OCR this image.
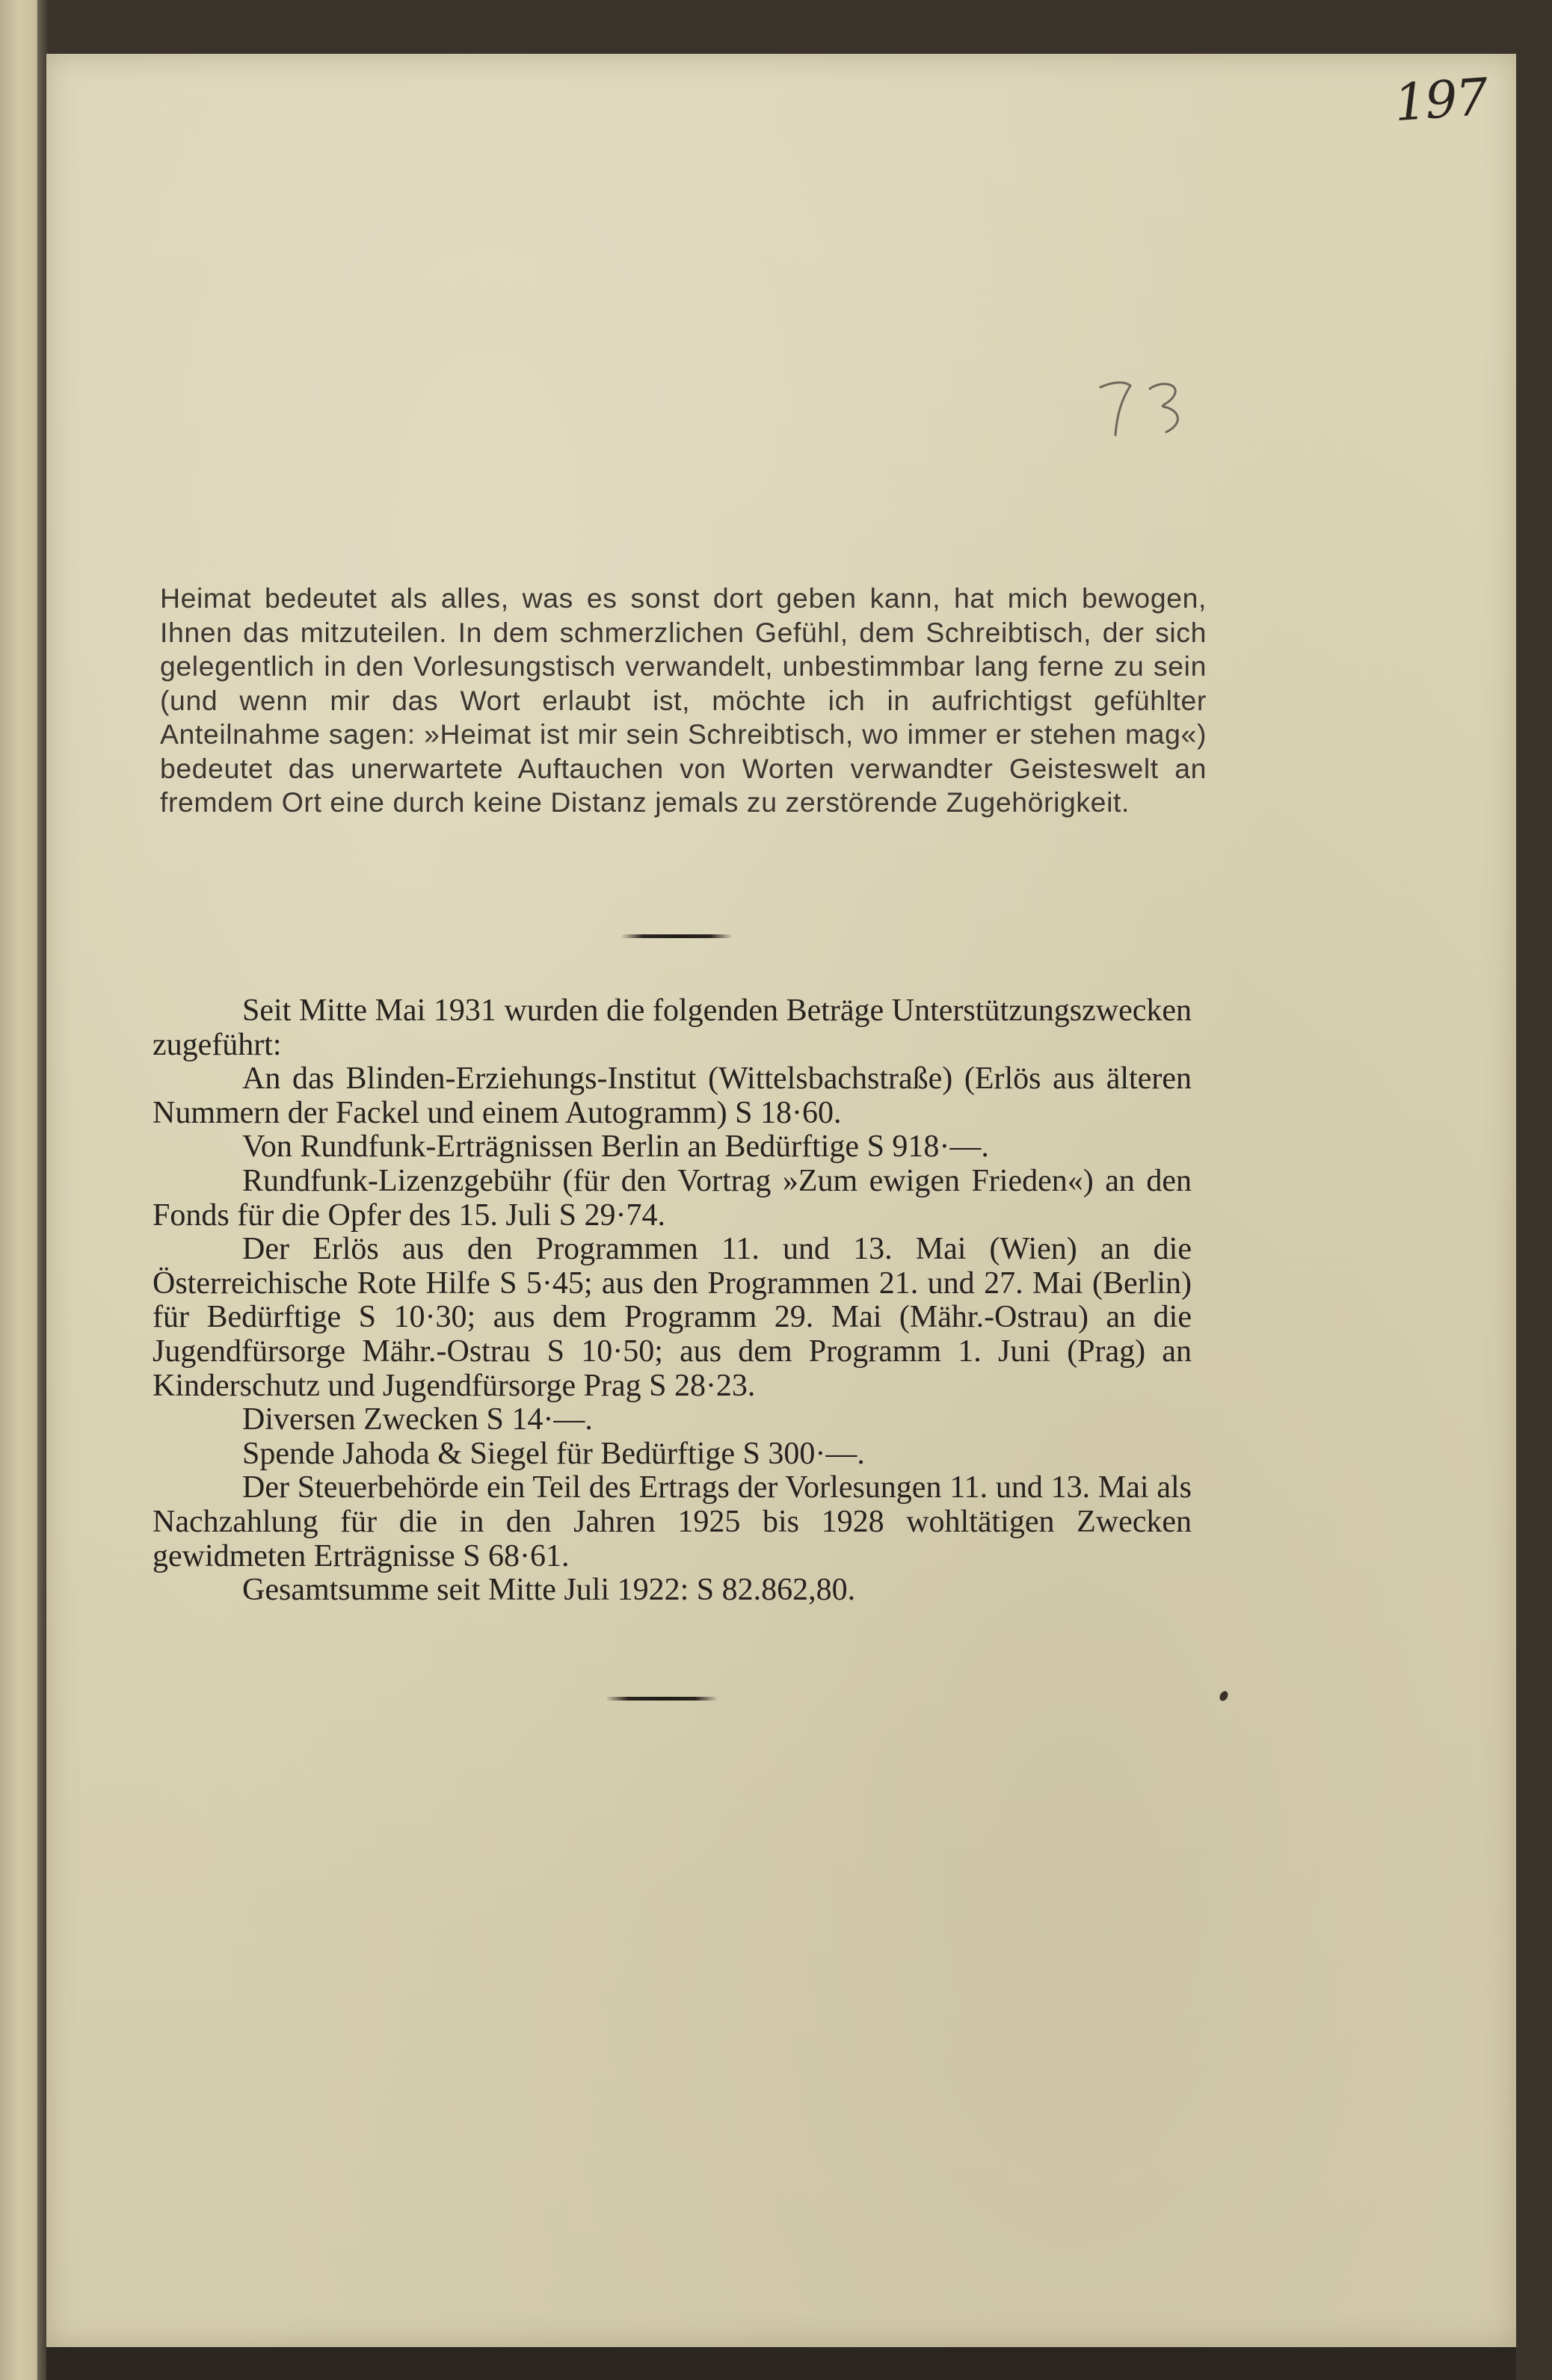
197

Heimat bedeutet als alles, was es sonst dort geben kann, hat mich bewogen, Ihnen das mitzuteilen. In dem schmerzlichen Gefühl, dem Schreibtisch, der sich gelegentlich in den Vorlesungstisch verwandelt, unbestimmbar lang ferne zu sein (und wenn mir das Wort erlaubt ist, möchte ich in aufrichtigst gefühlter Anteilnahme sagen: »Heimat ist mir sein Schreibtisch, wo immer er stehen mag«) bedeutet das unerwartete Auftauchen von Worten verwandter Geisteswelt an fremdem Ort eine durch keine Distanz jemals zu zerstörende Zugehörigkeit.

Seit Mitte Mai 1931 wurden die folgenden Beträge Unterstützungszwecken zugeführt:

An das Blinden-Erziehungs-Institut (Wittelsbachstraße) (Erlös aus älteren Nummern der Fackel und einem Autogramm) S 18·60.

Von Rundfunk-Erträgnissen Berlin an Bedürftige S 918·—.

Rundfunk-Lizenzgebühr (für den Vortrag »Zum ewigen Frieden«) an den Fonds für die Opfer des 15. Juli S 29·74.

Der Erlös aus den Programmen 11. und 13. Mai (Wien) an die Österreichische Rote Hilfe S 5·45; aus den Programmen 21. und 27. Mai (Berlin) für Bedürftige S 10·30; aus dem Programm 29. Mai (Mähr.-Ostrau) an die Jugendfürsorge Mähr.-Ostrau S 10·50; aus dem Programm 1. Juni (Prag) an Kinderschutz und Jugendfürsorge Prag S 28·23.

Diversen Zwecken S 14·—.

Spende Jahoda & Siegel für Bedürftige S 300·—.

Der Steuerbehörde ein Teil des Ertrags der Vorlesungen 11. und 13. Mai als Nachzahlung für die in den Jahren 1925 bis 1928 wohltätigen Zwecken gewidmeten Erträgnisse S 68·61.

Gesamtsumme seit Mitte Juli 1922: S 82.862,80.
